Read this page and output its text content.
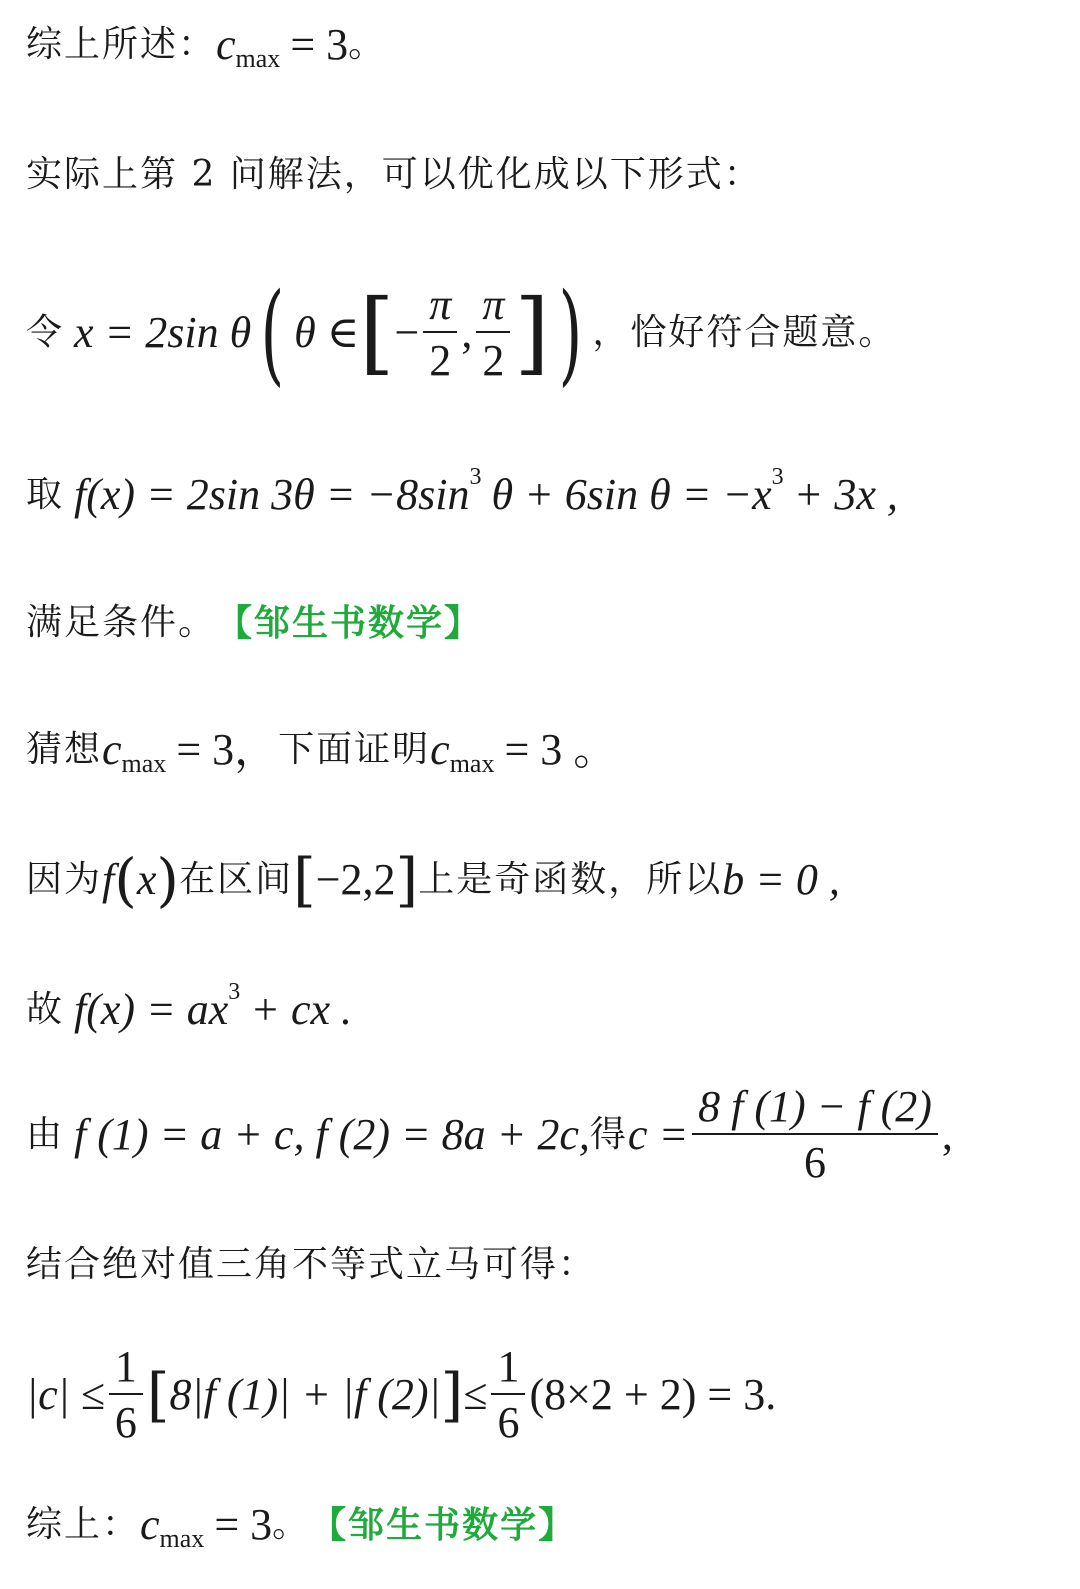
综上所述： c max = 3 。
实际上第 2 问解法，可以优化成以下形式：
令 x = 2sin θ ( θ ∈ [ − $\frac{\pi}{2}$ , $\frac{\pi}{2}$ ] ) ，恰好符合题意。
取 f(x) = 2sin 3θ = −8sin 3 θ + 6sin θ = −x 3 + 3x ,
满足条件。 【邹生书数学】
猜想 c max = 3， 下面证明 c max = 3 。
因为 f ( x ) 在区间 [ −2,2 ] 上是奇函数，所以 b = 0 ,
故 f(x) = ax 3 + cx .
由 f (1) = a + c, f (2) = 8a + 2c, 得 $c = \frac{8 f (1) - f (2)}{6}$ ,
结合绝对值三角不等式立马可得：
$|c| \le \frac{1}{6}$ [ 8|f (1)| + |f (2)| ] ≤ $\frac{1}{6} (8\times 2 + 2) = 3$.
综上： c max = 3 。 【邹生书数学】
